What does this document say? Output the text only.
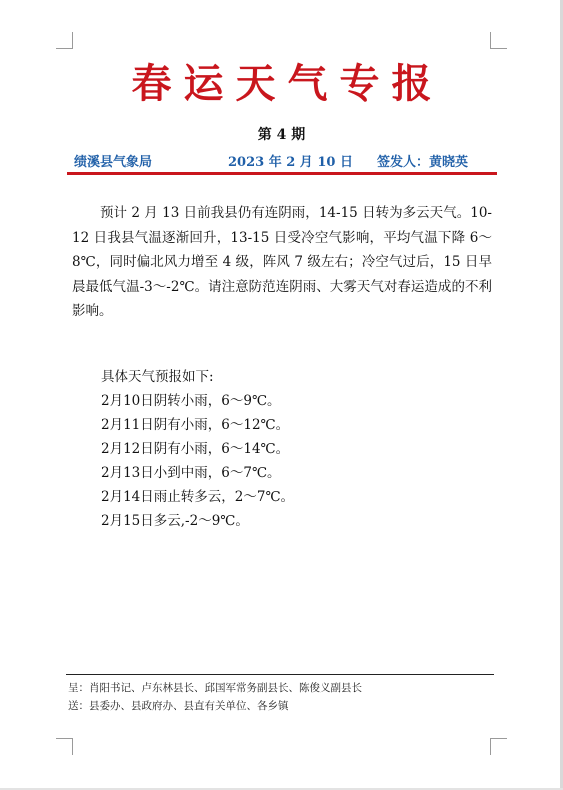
春运天气专报
第 4 期
绩溪县气象局	2023 年 2 月 10 日 签发人：黄晓英
预计 2 月 13 日前我县仍有连阴雨，14-15 日转为多云天气。10-12 日我县气温逐渐回升，13-15 日受冷空气影响，平均气温下降 6～8℃，同时偏北风力增至 4 级，阵风 7 级左右；冷空气过后，15 日早晨最低气温-3～-2℃。请注意防范连阴雨、大雾天气对春运造成的不利影响。
具体天气预报如下:
2月10日阴转小雨，6～9℃。
2月11日阴有小雨，6～12℃。
2月12日阴有小雨，6～14℃。
2月13日小到中雨，6～7℃。
2月14日雨止转多云，2～7℃。
2月15日多云,-2～9℃。
呈：肖阳书记、卢东林县长、邱国军常务副县长、陈俊义副县长
送：县委办、县政府办、县直有关单位、各乡镇
